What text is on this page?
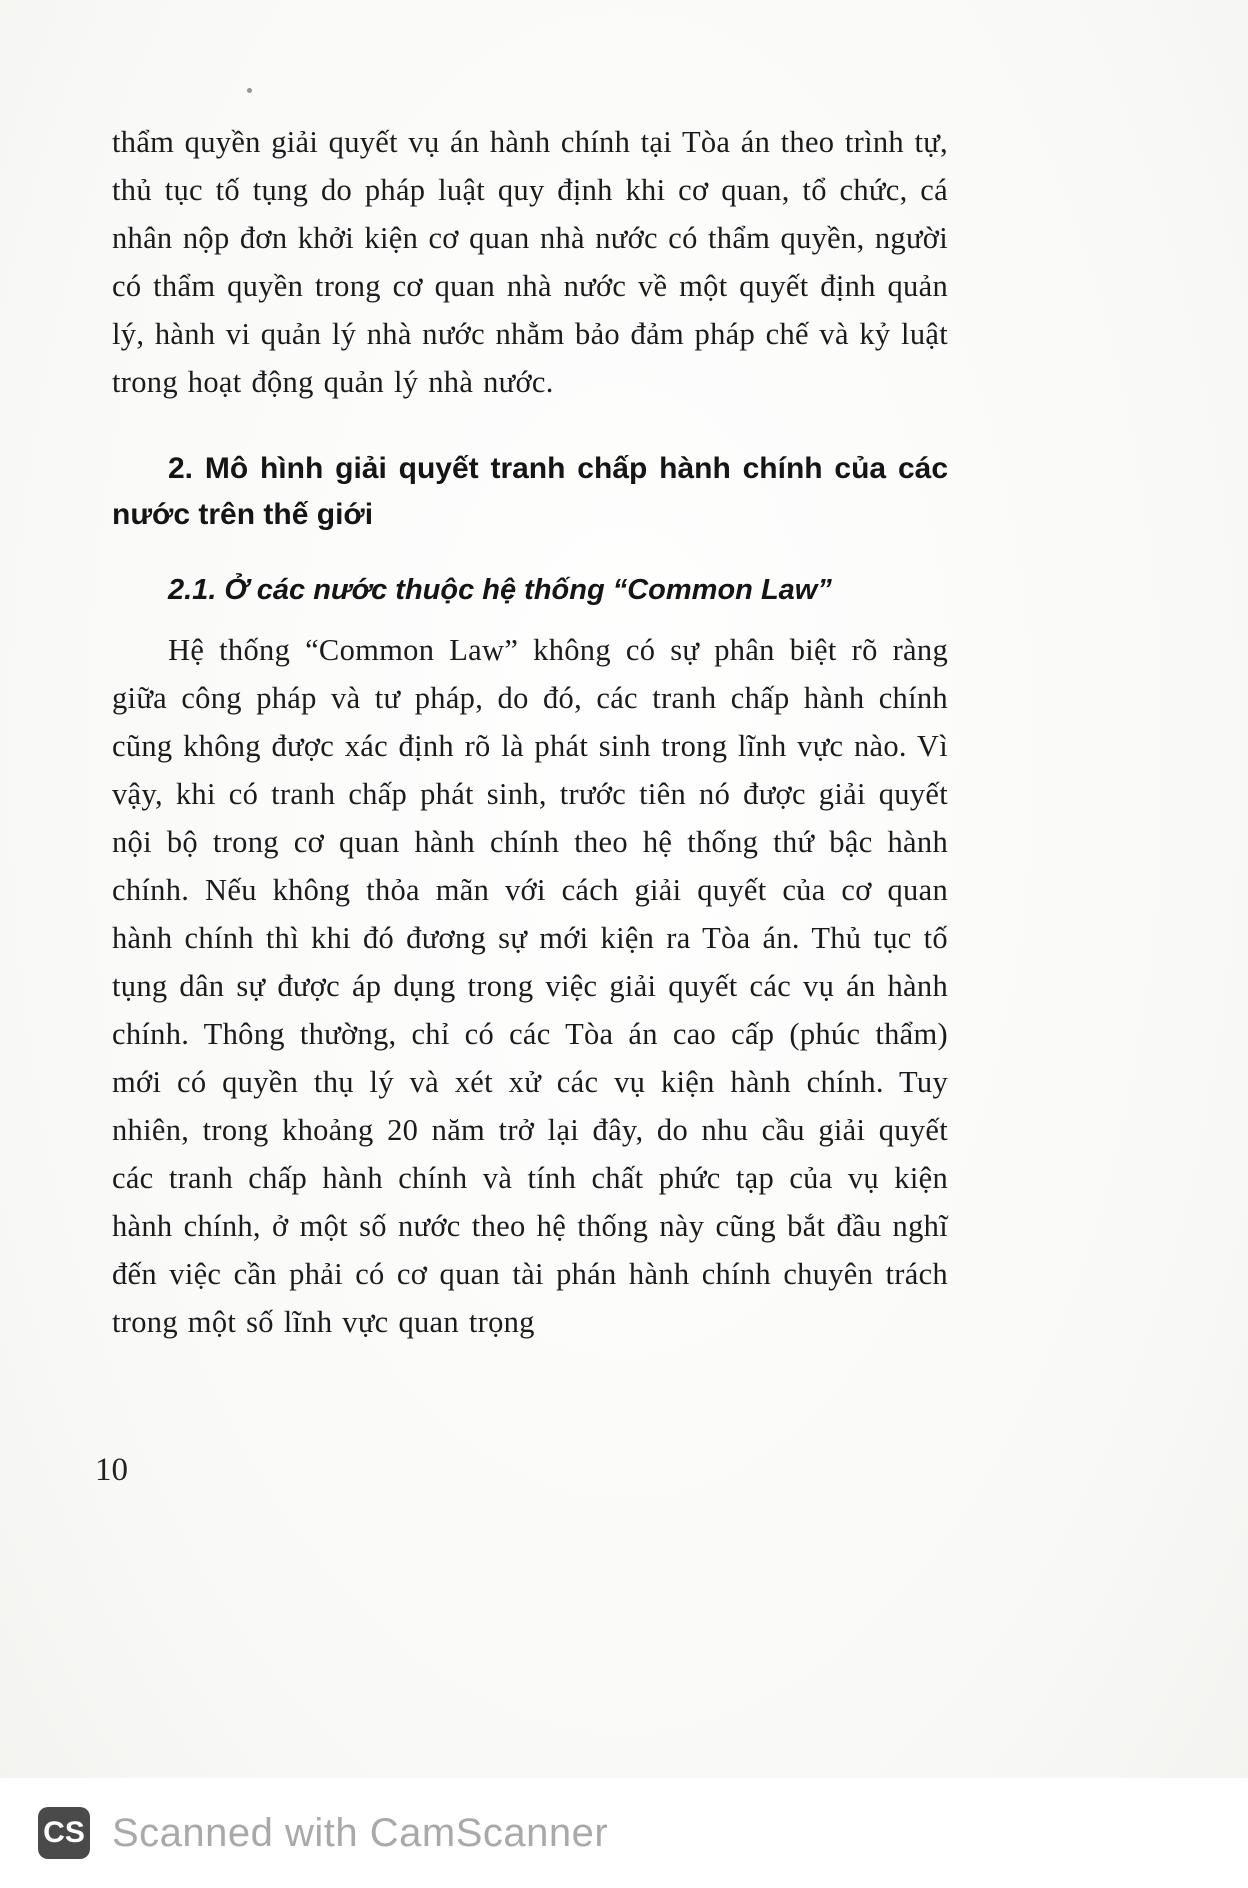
thẩm quyền giải quyết vụ án hành chính tại Tòa án theo trình tự, thủ tục tố tụng do pháp luật quy định khi cơ quan, tổ chức, cá nhân nộp đơn khởi kiện cơ quan nhà nước có thẩm quyền, người có thẩm quyền trong cơ quan nhà nước về một quyết định quản lý, hành vi quản lý nhà nước nhằm bảo đảm pháp chế và kỷ luật trong hoạt động quản lý nhà nước.

2. Mô hình giải quyết tranh chấp hành chính của các nước trên thế giới
2.1. Ở các nước thuộc hệ thống “Common Law”

Hệ thống “Common Law” không có sự phân biệt rõ ràng giữa công pháp và tư pháp, do đó, các tranh chấp hành chính cũng không được xác định rõ là phát sinh trong lĩnh vực nào. Vì vậy, khi có tranh chấp phát sinh, trước tiên nó được giải quyết nội bộ trong cơ quan hành chính theo hệ thống thứ bậc hành chính. Nếu không thỏa mãn với cách giải quyết của cơ quan hành chính thì khi đó đương sự mới kiện ra Tòa án. Thủ tục tố tụng dân sự được áp dụng trong việc giải quyết các vụ án hành chính. Thông thường, chỉ có các Tòa án cao cấp (phúc thẩm) mới có quyền thụ lý và xét xử các vụ kiện hành chính. Tuy nhiên, trong khoảng 20 năm trở lại đây, do nhu cầu giải quyết các tranh chấp hành chính và tính chất phức tạp của vụ kiện hành chính, ở một số nước theo hệ thống này cũng bắt đầu nghĩ đến việc cần phải có cơ quan tài phán hành chính chuyên trách trong một số lĩnh vực quan trọng

10
CS Scanned with CamScanner
